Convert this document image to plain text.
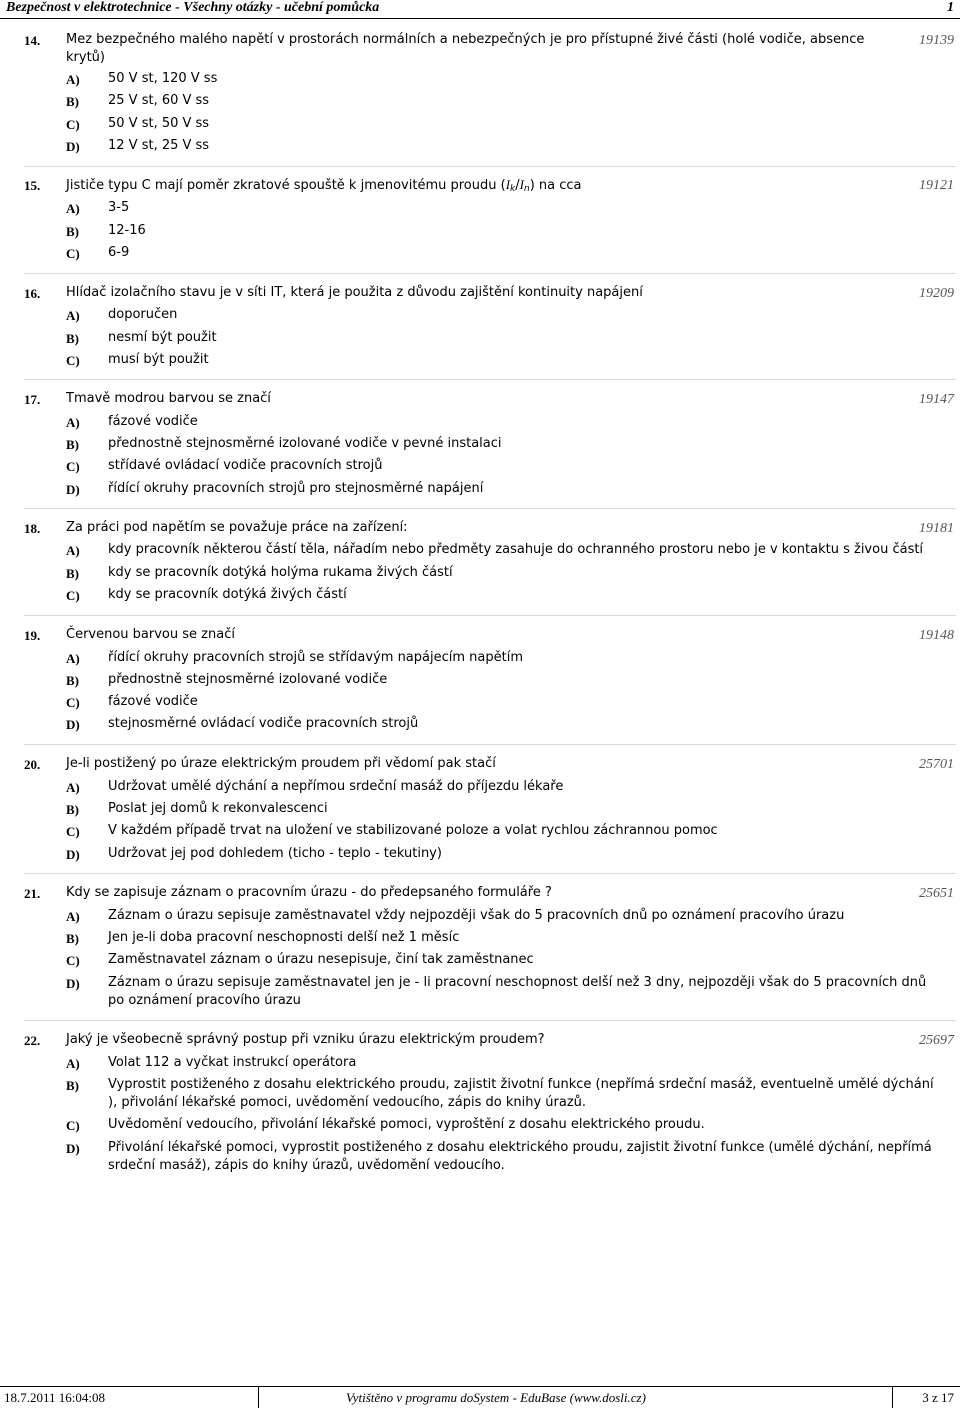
Bezpečnost v elektrotechnice - Všechny otázky - učební pomůcka	1
14. Mez bezpečného malého napětí v prostorách normálních a nebezpečných je pro přístupné živé části (holé vodiče, absence krytů)
19139
A) 50 V st, 120 V ss
B) 25 V st, 60 V ss
C) 50 V st, 50 V ss
D) 12 V st, 25 V ss
15. Jističe typu C mají poměr zkratové spouště k jmenovitému proudu $(I_k/I_n)$ na cca	19121
A) 3-5
B) 12-16
C) 6-9
16. Hlídač izolačního stavu je v síti IT, která je použita z důvodu zajištění kontinuity napájení	19209
A) doporučen
B) nesmí být použit
C) musí být použit
17. Tmavě modrou barvou se značí	19147
A) fázové vodiče
B) přednostně stejnosměrné izolované vodiče v pevné instalaci
C) střídavé ovládací vodiče pracovních strojů
D) řídící okruhy pracovních strojů pro stejnosměrné napájení
18. Za práci pod napětím se považuje práce na zařízení:	19181
A) kdy pracovník některou částí těla, nářadím nebo předměty zasahuje do ochranného prostoru nebo je v kontaktu s živou částí
B) kdy se pracovník dotýká holýma rukama živých částí
C) kdy se pracovník dotýká živých částí
19. Červenou barvou se značí	19148
A) řídící okruhy pracovních strojů se střídavým napájecím napětím
B) přednostně stejnosměrné izolované vodiče
C) fázové vodiče
D) stejnosměrné ovládací vodiče pracovních strojů
20. Je-li postižený po úraze elektrickým proudem při vědomí pak stačí	25701
A) Udržovat umělé dýchání a nepřímou srdeční masáž do příjezdu lékaře
B) Poslat jej domů k rekonvalescenci
C) V každém případě trvat na uložení ve stabilizované poloze a volat rychlou záchrannou pomoc
D) Udržovat jej pod dohledem (ticho - teplo - tekutiny)
21. Kdy se zapisuje záznam o pracovním úrazu - do předepsaného formuláře ?	25651
A) Záznam o úrazu sepisuje zaměstnavatel vždy nejpozději však do 5 pracovních dnů po oznámení pracovího úrazu
B) Jen je-li doba pracovní neschopnosti delší než 1 měsíc
C) Zaměstnavatel záznam o úrazu nesepisuje, činí tak zaměstnanec
D) Záznam o úrazu sepisuje zaměstnavatel jen je - li pracovní neschopnost delší než 3 dny, nejpozději však do 5 pracovních dnů po oznámení pracovího úrazu
22. Jaký je všeobecně správný postup při vzniku úrazu elektrickým proudem?	25697
A) Volat 112 a vyčkat instrukcí operátora
B) Vyprostit postiženého z dosahu elektrického proudu, zajistit životní funkce (nepřímá srdeční masáž, eventuelně umělé dýchání ), přivolání lékařské pomoci, uvědomění vedoucího, zápis do knihy úrazů.
C) Uvědomění vedoucího, přivolání lékařské pomoci, vyproštění z dosahu elektrického proudu.
D) Přivolání lékařské pomoci, vyprostit postiženého z dosahu elektrického proudu, zajistit životní funkce (umělé dýchání, nepřímá srdeční masáž), zápis do knihy úrazů, uvědomění vedoucího.
18.7.2011 16:04:08	Vytištěno v programu doSystem - EduBase (www.dosli.cz)	3 z 17
